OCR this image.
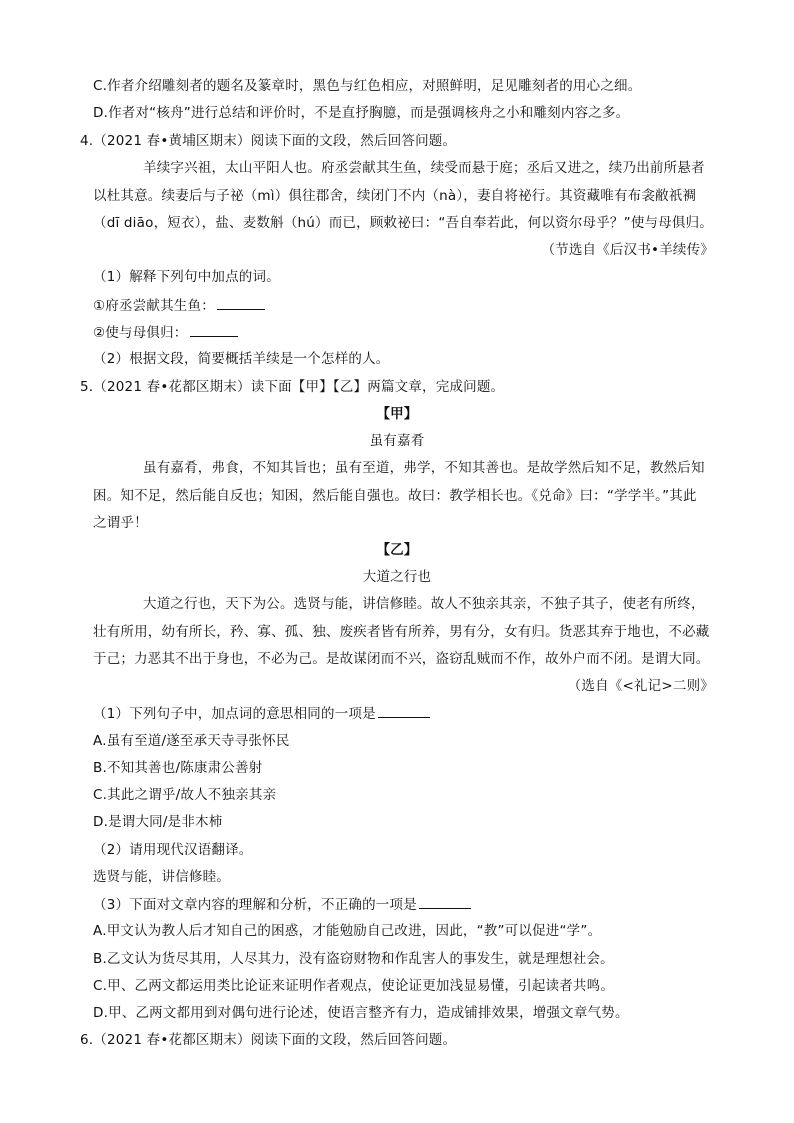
C.作者介绍雕刻者的题名及篆章时，黑色与红色相应，对照鲜明，足见雕刻者的用心之细。
D.作者对“核舟”进行总结和评价时，不是直抒胸臆，而是强调核舟之小和雕刻内容之多。
4.（2021 春•黄埔区期末）阅读下面的文段，然后回答问题。
羊续字兴祖，太山平阳人也。府丞尝献其生鱼，续受而悬于庭；丞后又进之，续乃出前所悬者
以杜其意。续妻后与子祕（mì）俱往郡舍，续闭门不内（nà），妻自将祕行。其资藏唯有布衾敝祇裯
（dī diāo，短衣），盐、麦数斛（hú）而已，顾敕祕曰：“吾自奉若此，何以资尔母乎？”使与母俱归。
（节选自《后汉书•羊续传》
（1）解释下列句中加点的词。
①府丞尝献其生鱼：
②使与母俱归：
（2）根据文段，简要概括羊续是一个怎样的人。
5.（2021 春•花都区期末）读下面【甲】【乙】两篇文章，完成问题。
【甲】
虽有嘉肴
虽有嘉肴，弗食，不知其旨也；虽有至道，弗学，不知其善也。是故学然后知不足，教然后知
困。知不足，然后能自反也；知困，然后能自强也。故曰：教学相长也。《兑命》曰：“学学半。”其此
之谓乎！
【乙】
大道之行也
大道之行也，天下为公。选贤与能，讲信修睦。故人不独亲其亲，不独子其子，使老有所终，
壮有所用，幼有所长，矜、寡、孤、独、废疾者皆有所养，男有分，女有归。货恶其弃于地也，不必藏
于己；力恶其不出于身也，不必为己。是故谋闭而不兴，盗窃乱贼而不作，故外户而不闭。是谓大同。
（选自《<礼记>二则》
（1）下列句子中，加点词的意思相同的一项是
A.虽有至道/遂至承天寺寻张怀民
B.不知其善也/陈康肃公善射
C.其此之谓乎/故人不独亲其亲
D.是谓大同/是非木柿
（2）请用现代汉语翻译。
选贤与能，讲信修睦。
（3）下面对文章内容的理解和分析，不正确的一项是
A.甲文认为教人后才知自己的困惑，才能勉励自己改进，因此，“教”可以促进“学”。
B.乙文认为货尽其用，人尽其力，没有盗窃财物和作乱害人的事发生，就是理想社会。
C.甲、乙两文都运用类比论证来证明作者观点，使论证更加浅显易懂，引起读者共鸣。
D.甲、乙两文都用到对偶句进行论述，使语言整齐有力，造成铺排效果，增强文章气势。
6.（2021 春•花都区期末）阅读下面的文段，然后回答问题。
